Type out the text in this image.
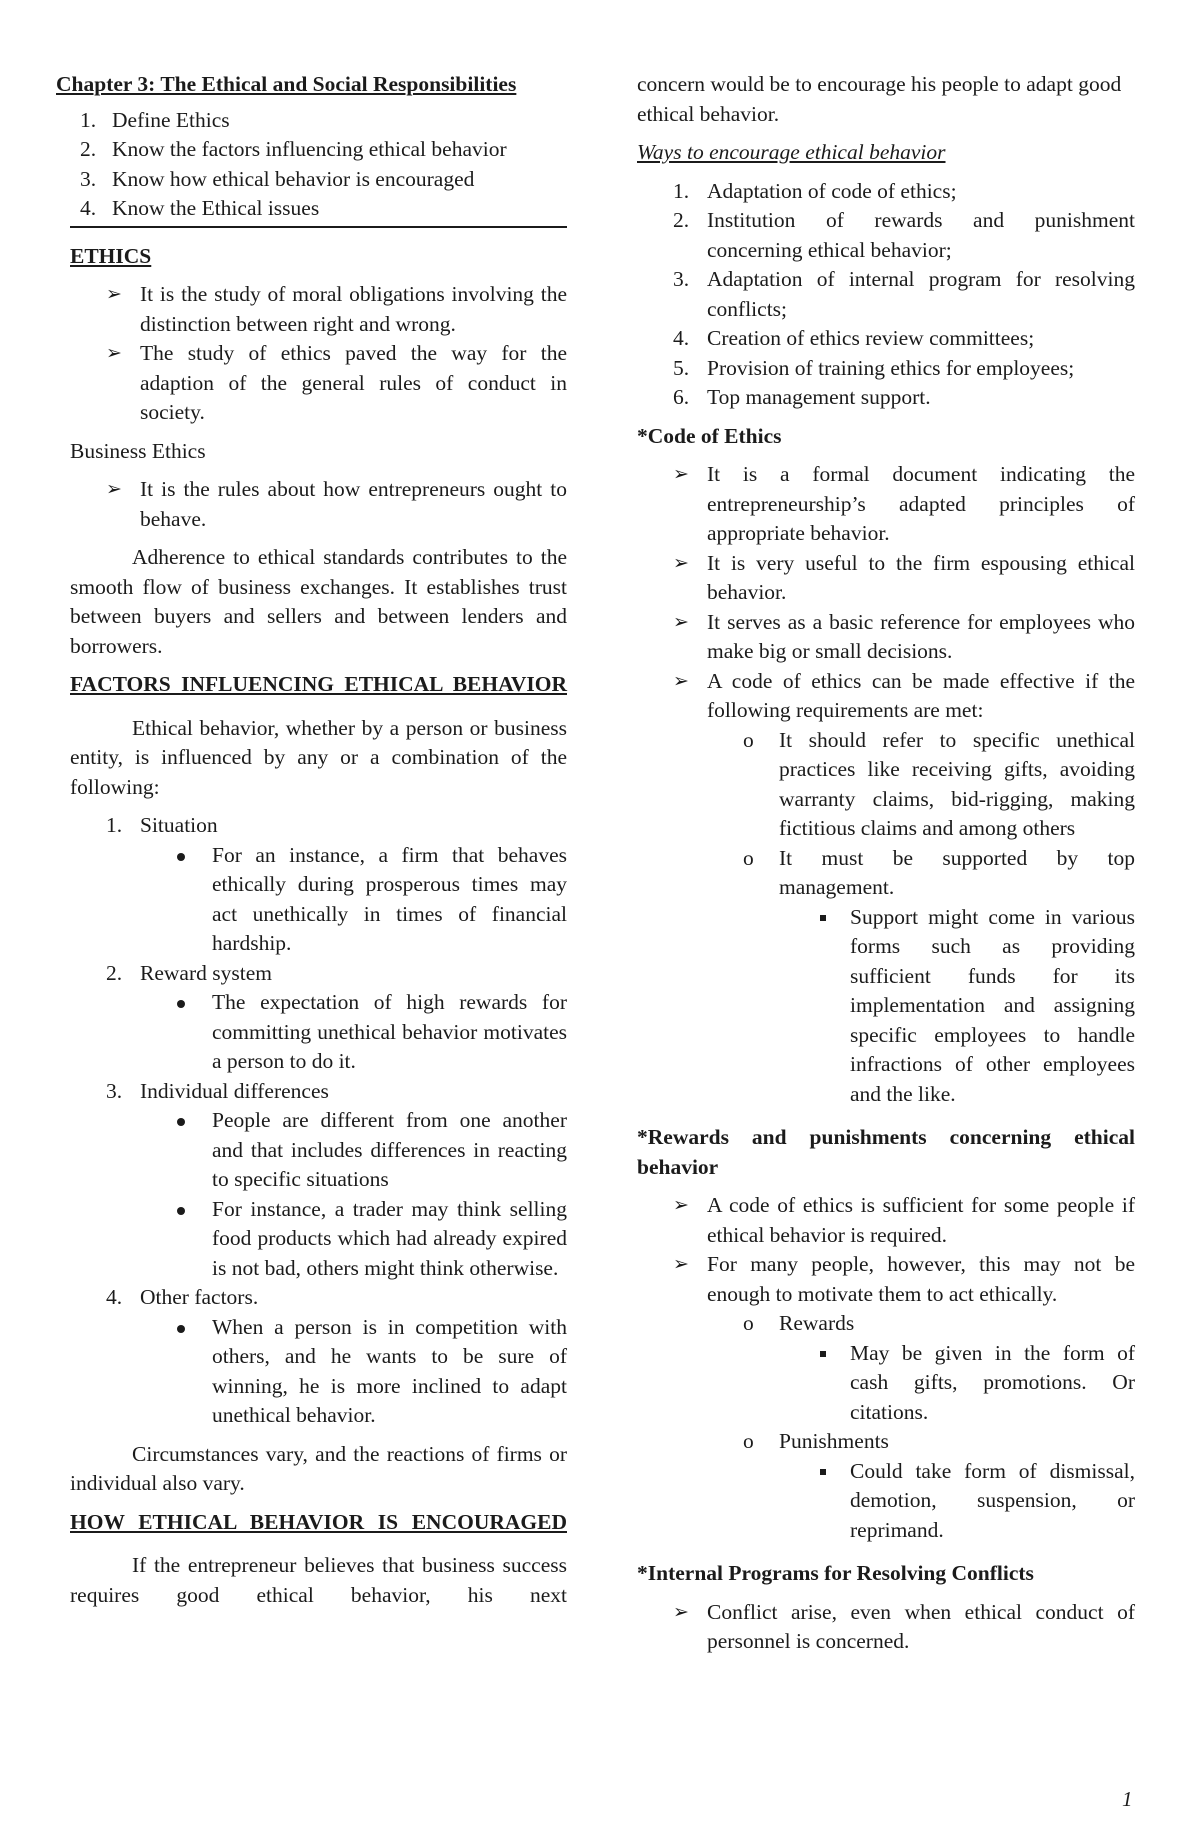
Chapter 3: The Ethical and Social Responsibilities

1. Define Ethics
2. Know the factors influencing ethical behavior
3. Know how ethical behavior is encouraged
4. Know the Ethical issues

ETHICS

➢ It is the study of moral obligations involving the distinction between right and wrong.
➢ The study of ethics paved the way for the adaption of the general rules of conduct in society.

Business Ethics

➢ It is the rules about how entrepreneurs ought to behave.

Adherence to ethical standards contributes to the smooth flow of business exchanges. It establishes trust between buyers and sellers and between lenders and borrowers.

FACTORS INFLUENCING ETHICAL BEHAVIOR

Ethical behavior, whether by a person or business entity, is influenced by any or a combination of the following:

1. Situation
For an instance, a firm that behaves ethically during prosperous times may act unethically in times of financial hardship.
2. Reward system
The expectation of high rewards for committing unethical behavior motivates a person to do it.
3. Individual differences
People are different from one another and that includes differences in reacting to specific situations
For instance, a trader may think selling food products which had already expired is not bad, others might think otherwise.
4. Other factors.
When a person is in competition with others, and he wants to be sure of winning, he is more inclined to adapt unethical behavior.

Circumstances vary, and the reactions of firms or individual also vary.

HOW ETHICAL BEHAVIOR IS ENCOURAGED

If the entrepreneur believes that business success requires good ethical behavior, his next

concern would be to encourage his people to adapt good ethical behavior.

Ways to encourage ethical behavior

1. Adaptation of code of ethics;
2. Institution of rewards and punishment concerning ethical behavior;
3. Adaptation of internal program for resolving conflicts;
4. Creation of ethics review committees;
5. Provision of training ethics for employees;
6. Top management support.

*Code of Ethics

➢ It is a formal document indicating the entrepreneurship’s adapted principles of appropriate behavior.
➢ It is very useful to the firm espousing ethical behavior.
➢ It serves as a basic reference for employees who make big or small decisions.
➢ A code of ethics can be made effective if the following requirements are met:
o It should refer to specific unethical practices like receiving gifts, avoiding warranty claims, bid-rigging, making fictitious claims and among others
o It must be supported by top management.
Support might come in various forms such as providing sufficient funds for its implementation and assigning specific employees to handle infractions of other employees and the like.

*Rewards and punishments concerning ethical behavior

➢ A code of ethics is sufficient for some people if ethical behavior is required.
➢ For many people, however, this may not be enough to motivate them to act ethically.
o Rewards
May be given in the form of cash gifts, promotions. Or citations.
o Punishments
Could take form of dismissal, demotion, suspension, or reprimand.

*Internal Programs for Resolving Conflicts

➢ Conflict arise, even when ethical conduct of personnel is concerned.
1
